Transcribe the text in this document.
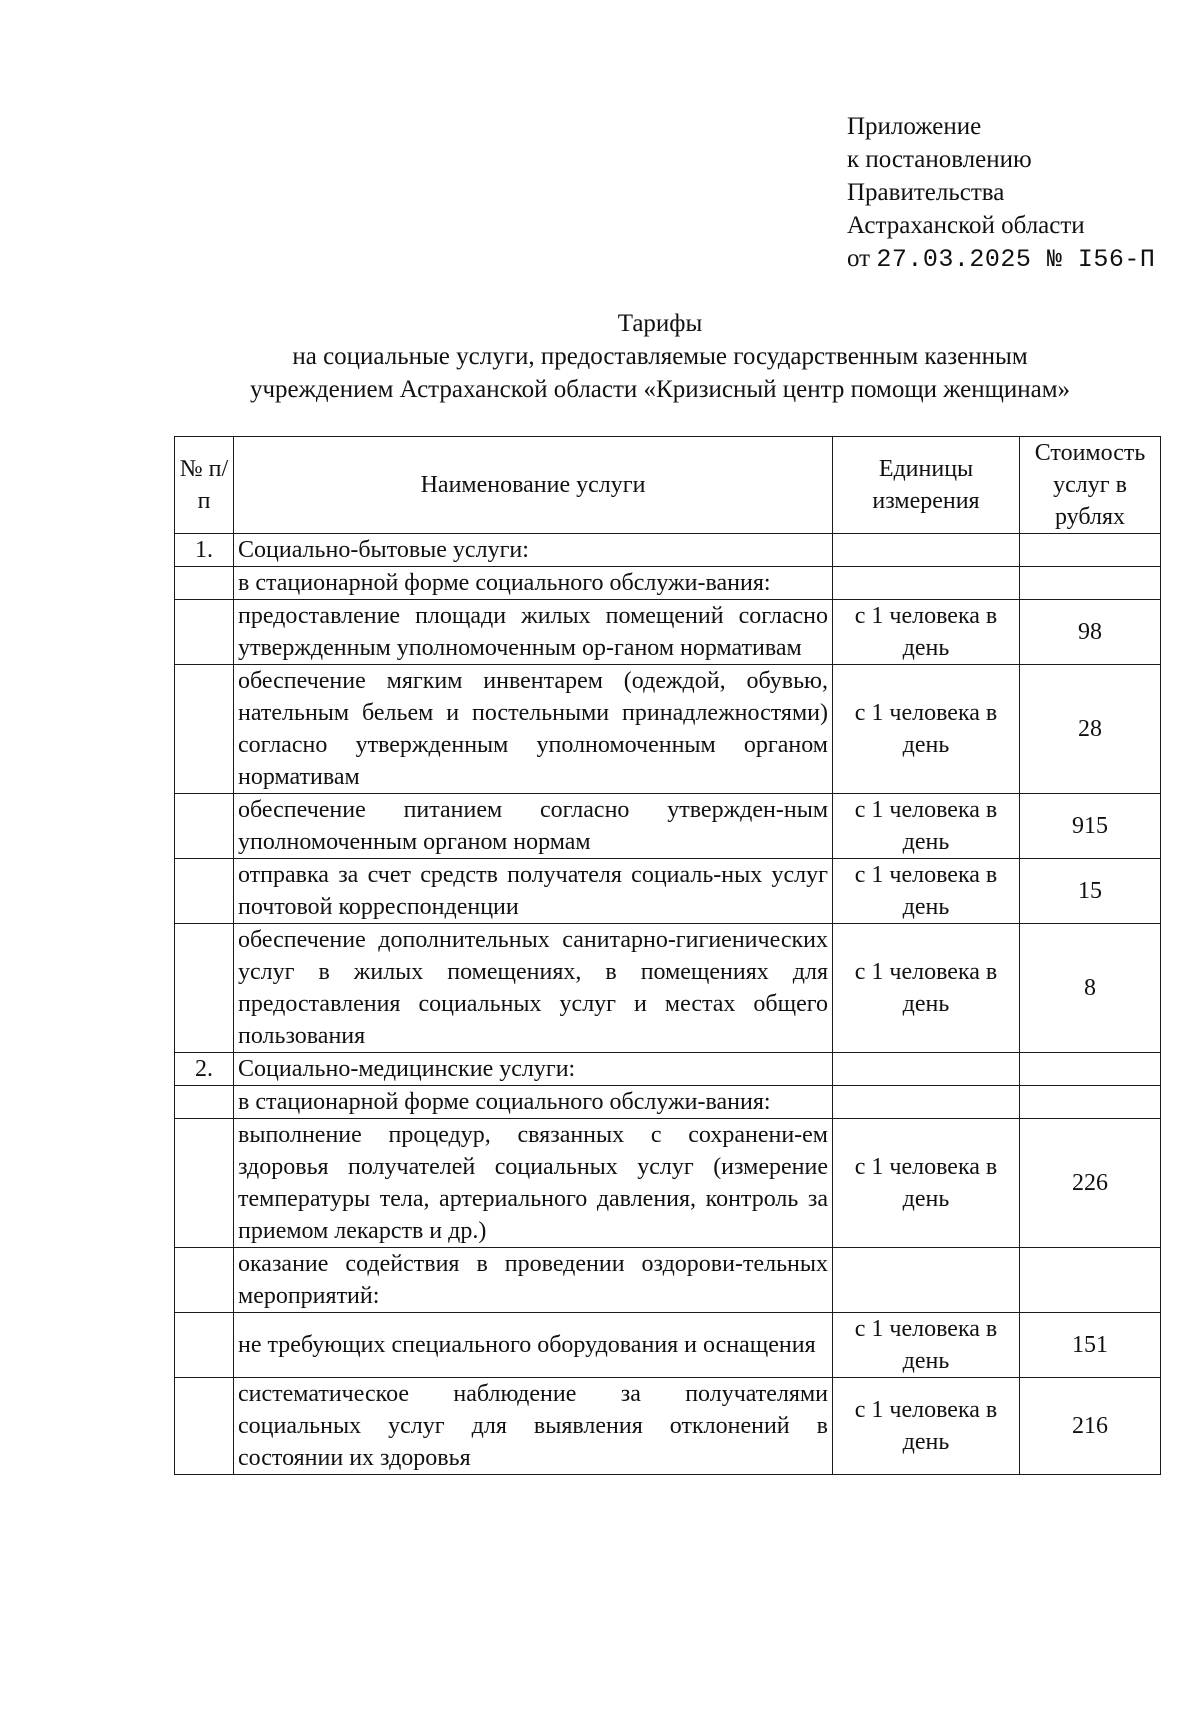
Приложение
к постановлению
Правительства
Астраханской области
от 27.03.2025 № I56-П
Тарифы
на социальные услуги, предоставляемые государственным казенным
учреждением Астраханской области «Кризисный центр помощи женщинам»
№ п/п	Наименование услуги	Единицы измерения	Стоимость услуг в рублях
1.	Социально-бытовые услуги:		
	в стационарной форме социального обслужи-вания:		
	предоставление площади жилых помещений согласно утвержденным уполномоченным ор-ганом нормативам	с 1 человека в день	98
	обеспечение мягким инвентарем (одеждой, обувью, нательным бельем и постельными принадлежностями) согласно утвержденным уполномоченным органом нормативам	с 1 человека в день	28
	обеспечение питанием согласно утвержден-ным уполномоченным органом нормам	с 1 человека в день	915
	отправка за счет средств получателя социаль-ных услуг почтовой корреспонденции	с 1 человека в день	15
	обеспечение дополнительных санитарно-гигиенических услуг в жилых помещениях, в помещениях для предоставления социальных услуг и местах общего пользования	с 1 человека в день	8
2.	Социально-медицинские услуги:		
	в стационарной форме социального обслужи-вания:		
	выполнение процедур, связанных с сохранени-ем здоровья получателей социальных услуг (измерение температуры тела, артериального давления, контроль за приемом лекарств и др.)	с 1 человека в день	226
	оказание содействия в проведении оздорови-тельных мероприятий:		
	не требующих специального оборудования и оснащения	с 1 человека в день	151
	систематическое наблюдение за получателями социальных услуг для выявления отклонений в состоянии их здоровья	с 1 человека в день	216
